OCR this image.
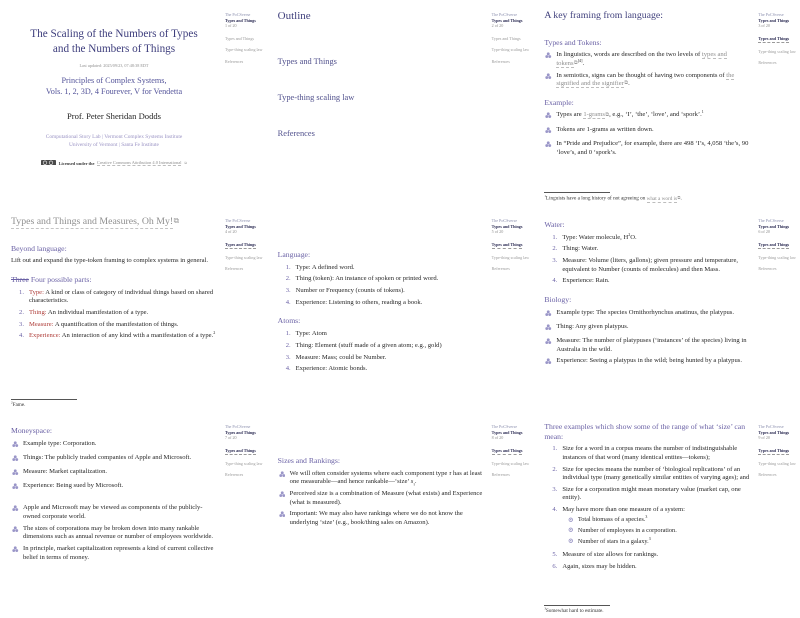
The Scaling of the Numbers of Types and the Numbers of Things
Last updated: 2025/09/23, 07:48:38 EDT
Principles of Complex Systems,
Vols. 1, 2, 3D, 4 Fourever, V for Vendetta
Prof. Peter Sheridan Dodds
Computational Story Lab | Vermont Complex Systems Institute
University of Vermont | Santa Fe Institute
Licensed under the Creative Commons Attribution 4.0 International ⧉
The PoCSverse
Types and Things
1 of 20
Types and Things
Type-thing scaling law
References
Outline
Types and Things
Type-thing scaling law
References
The PoCSverse
Types and Things
2 of 20
Types and Things
Type-thing scaling law
References
$^1$Linguists have a long history of not agreeing on what a word is⧉.
A key framing from language:
Types and Tokens:
In linguistics, words are described on the two levels of types and tokens⧉[4].
In semiotics, signs can be thought of having two components of the signified and the signifier⧉.
Example:
Types are 1-grams⧉, e.g., ‘I’, ‘the’, ‘love’, and ‘spork’.$^1$
Tokens are 1-grams as written down.
In “Pride and Prejudice”, for example, there are 498 ‘I’s, 4,058 ‘the’s, 90 ‘love’s, and 0 ‘spork’s.
The PoCSverse
Types and Things
3 of 20
Types and Things
Type-thing scaling law
References
$^2$Fame.
Types and Things and Measures, Oh My!⧉
Beyond language:
Lift out and expand the type-token framing to complex systems in general.
Three Four possible parts:
Type: A kind or class of category of individual things based on shared characteristics.
Thing: An individual manifestation of a type.
Measure: A quantification of the manifestation of things.
Experience: An interaction of any kind with a manifestation of a type.$^2$
The PoCSverse
Types and Things
4 of 20
Types and Things
Type-thing scaling law
References
Language:
Type: A defined word.
Thing (token): An instance of spoken or printed word.
Number or Frequency (counts of tokens).
Experience: Listening to others, reading a book.
Atoms:
Type: Atom
Thing: Element (stuff made of a given atom; e.g., gold)
Measure: Mass; could be Number.
Experience: Atomic bonds.
The PoCSverse
Types and Things
5 of 20
Types and Things
Type-thing scaling law
References
Water:
Type: Water molecule, $H^2O$.
Thing: Water.
Measure: Volume (liters, gallons); given pressure and temperature, equivalent to Number (counts of molecules) and then Mass.
Experience: Rain.
Biology:
Example type: The species Ornithorhynchus anatinus, the platypus.
Thing: Any given platypus.
Measure: The number of platypuses (‘instances’ of the species) living in Australia in the wild.
Experience: Seeing a platypus in the wild; being hunted by a platypus.
The PoCSverse
Types and Things
6 of 20
Types and Things
Type-thing scaling law
References
Moneyspace:
Example type: Corporation.
Things: The publicly traded companies of Apple and Microsoft.
Measure: Market capitalization.
Experience: Being sued by Microsoft.
Apple and Microsoft may be viewed as components of the publicly-owned corporate world.
The sizes of corporations may be broken down into many rankable dimensions such as annual revenue or number of employees worldwide.
In principle, market capitalization represents a kind of current collective belief in terms of money.
The PoCSverse
Types and Things
7 of 20
Types and Things
Type-thing scaling law
References
Sizes and Rankings:
We will often consider systems where each component type τ has at least one measurable—and hence rankable—‘size’ $s_\tau$.
Perceived size is a combination of Measure (what exists) and Experience (what is measured).
Important: We may also have rankings where we do not know the underlying ‘size’ (e.g., book/thing sales on Amazon).
The PoCSverse
Types and Things
8 of 20
Types and Things
Type-thing scaling law
References
$^3$Somewhat hard to estimate.
Three examples which show some of the range of what ‘size’ can mean:
Size for a word in a corpus means the number of indistinguishable instances of that word (many identical entites—tokens);
Size for species means the number of ‘biological replications’ of an individual type (many genetically similar entities of varying ages); and
Size for a corporation might mean monetary value (market cap, one entity).
May have more than one measure of a system:
Total biomass of a species.$^3$
Number of employees in a corporation.
Number of stars in a galaxy.$^3$
Measure of size allows for rankings.
Again, sizes may be hidden.
The PoCSverse
Types and Things
9 of 20
Types and Things
Type-thing scaling law
References
